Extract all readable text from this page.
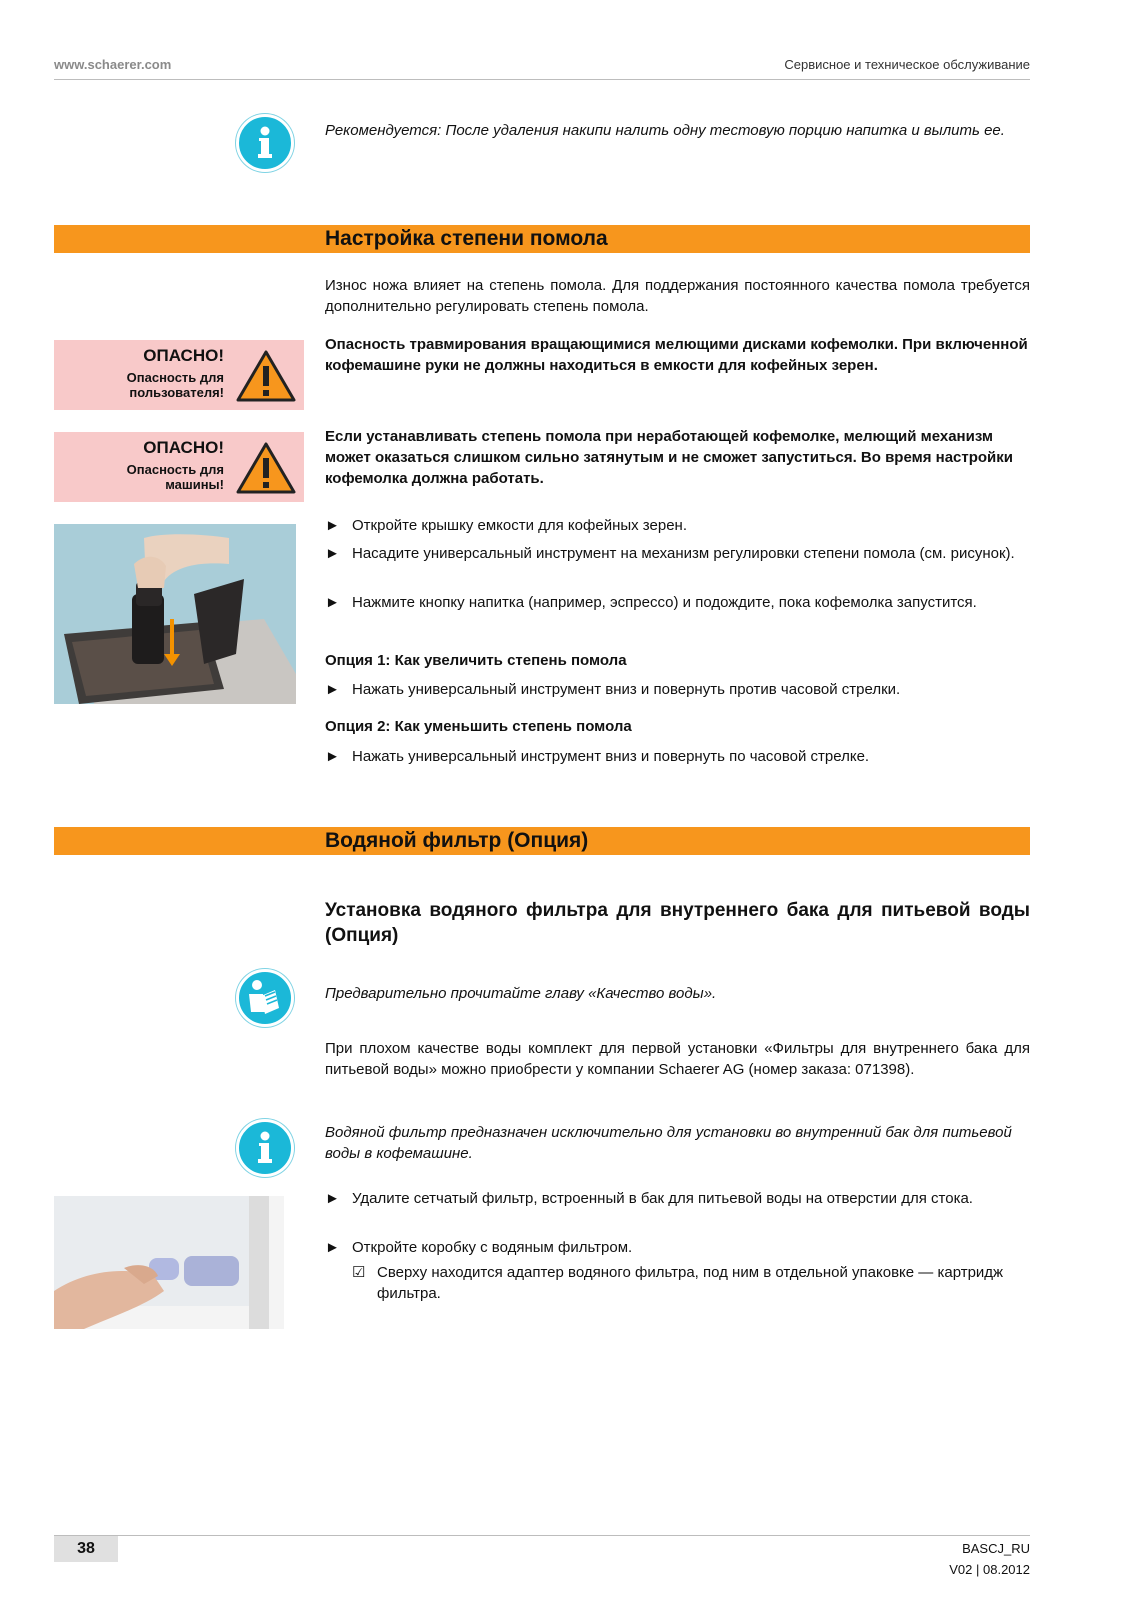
www.schaerer.com	Сервисное и техническое обслуживание
Рекомендуется: После удаления накипи налить одну тестовую порцию напитка и вылить ее.
Настройка степени помола
Износ ножа влияет на степень помола. Для поддержания постоянного качества помола требуется дополнительно регулировать степень помола.
ОПАСНО!
Опасность для пользователя!
Опасность травмирования вращающимися мелющими дисками кофемолки. При включенной кофемашине руки не должны находиться в емкости для кофейных зерен.
ОПАСНО!
Опасность для машины!
Если устанавливать степень помола при неработающей кофемолке, мелющий механизм может оказаться слишком сильно затянутым и не сможет запуститься. Во время настройки кофемолка должна работать.
► Откройте крышку емкости для кофейных зерен.
► Насадите универсальный инструмент на механизм регулировки степени помола (см. рисунок).
► Нажмите кнопку напитка (например, эспрессо) и подождите, пока кофемолка запустится.
Опция 1: Как увеличить степень помола
► Нажать универсальный инструмент вниз и повернуть против часовой стрелки.
Опция 2: Как уменьшить степень помола
► Нажать универсальный инструмент вниз и повернуть по часовой стрелке.
Водяной фильтр (Опция)
Установка водяного фильтра для внутреннего бака для питьевой воды (Опция)
Предварительно прочитайте главу «Качество воды».
При плохом качестве воды комплект для первой установки «Фильтры для внутреннего бака для питьевой воды» можно приобрести у компании Schaerer AG (номер заказа: 071398).
Водяной фильтр предназначен исключительно для установки во внутренний бак для питьевой воды в кофемашине.
► Удалите сетчатый фильтр, встроенный в бак для питьевой воды на отверстии для стока.
► Откройте коробку с водяным фильтром.
☑ Сверху находится адаптер водяного фильтра, под ним в отдельной упаковке — картридж фильтра.
38	BASCJ_RU
V02 | 08.2012
